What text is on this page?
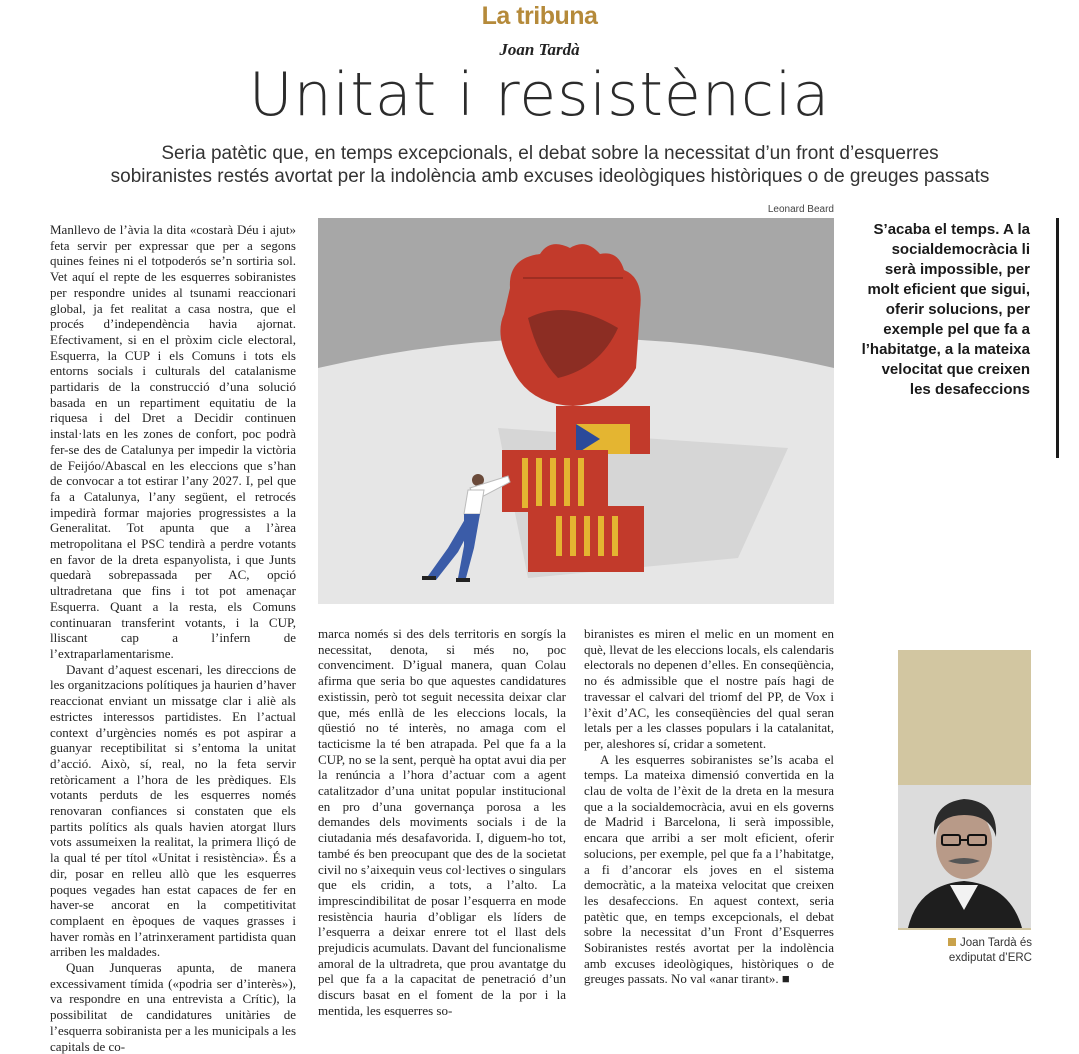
La tribuna
Joan Tardà
Unitat i resistència
Seria patètic que, en temps excepcionals, el debat sobre la necessitat d’un front d’esquerres sobiranistes restés avortat per la indolència amb excuses ideològiques històriques o de greuges passats
Leonard Beard
S’acaba el temps. A la socialdemocràcia li serà impossible, per molt eficient que sigui, oferir solucions, per exemple pel que fa a l’habitatge, a la mateixa velocitat que creixen les desafeccions

Manllevo de l’àvia la dita «costarà Déu i ajut» feta servir per expressar que per a segons quines feines ni el totpoderós se’n sortiria sol. Vet aquí el repte de les esquerres sobiranistes per respondre unides al tsunami reaccionari global, ja fet realitat a casa nostra, que el procés d’independència havia ajornat. Efectivament, si en el pròxim cicle electoral, Esquerra, la CUP i els Comuns i tots els entorns socials i culturals del catalanisme partidaris de la construcció d’una solució basada en un repartiment equitatiu de la riquesa i del Dret a Decidir continuen instal·lats en les zones de confort, poc podrà fer-se des de Catalunya per impedir la victòria de Feijóo/Abascal en les eleccions que s’han de convocar a tot estirar l’any 2027. I, pel que fa a Catalunya, l’any següent, el retrocés impedirà formar majories progressistes a la Generalitat. Tot apunta que a l’àrea metropolitana el PSC tendirà a perdre votants en favor de la dreta espanyolista, i que Junts quedarà sobrepassada per AC, opció ultradretana que fins i tot pot amenaçar Esquerra. Quant a la resta, els Comuns continuaran transferint votants, i la CUP, lliscant cap a l’infern de l’extraparlamentarisme.

Davant d’aquest escenari, les direccions de les organitzacions polítiques ja haurien d’haver reaccionat enviant un missatge clar i aliè als estrictes interessos partidistes. En l’actual context d’urgències només es pot aspirar a guanyar receptibilitat si s’entoma la unitat d’acció. Això, sí, real, no la feta servir retòricament a l’hora de les prèdiques. Els votants perduts de les esquerres només renovaran confiances si constaten que els partits polítics als quals havien atorgat llurs vots assumeixen la realitat, la primera lliçó de la qual té per títol «Unitat i resistència». És a dir, posar en relleu allò que les esquerres poques vegades han estat capaces de fer en haver-se ancorat en la competitivitat complaent en èpoques de vaques grasses i haver romàs en l’atrinxerament partidista quan arriben les maldades.

Quan Junqueras apunta, de manera excessivament tímida («podria ser d’interès»), va respondre en una entrevista a Crític), la possibilitat de candidatures unitàries de l’esquerra sobiranista per a les municipals a les capitals de co-

marca només si des dels territoris en sorgís la necessitat, denota, si més no, poc convenciment. D’igual manera, quan Colau afirma que seria bo que aquestes candidatures existissin, però tot seguit necessita deixar clar que, més enllà de les eleccions locals, la qüestió no té interès, no amaga com el tacticisme la té ben atrapada. Pel que fa a la CUP, no se la sent, perquè ha optat avui dia per la renúncia a l’hora d’actuar com a agent catalitzador d’una unitat popular institucional en pro d’una governança porosa a les demandes dels moviments socials i de la ciutadania més desafavorida. I, diguem-ho tot, també és ben preocupant que des de la societat civil no s’aixequin veus col·lectives o singulars que els cridin, a tots, a l’alto. La imprescindibilitat de posar l’esquerra en mode resistència hauria d’obligar els líders de l’esquerra a deixar enrere tot el llast dels prejudicis acumulats. Davant del funcionalisme amoral de la ultradreta, que prou avantatge du pel que fa a la capacitat de penetració d’un discurs basat en el foment de la por i la mentida, les esquerres so-

biranistes es miren el melic en un moment en què, llevat de les eleccions locals, els calendaris electorals no depenen d’elles. En conseqüència, no és admissible que el nostre país hagi de travessar el calvari del triomf del PP, de Vox i l’èxit d’AC, les conseqüències del qual seran letals per a les classes populars i la catalanitat, per, aleshores sí, cridar a sometent.

A les esquerres sobiranistes se’ls acaba el temps. La mateixa dimensió convertida en la clau de volta de l’èxit de la dreta en la mesura que a la socialdemocràcia, avui en els governs de Madrid i Barcelona, li serà impossible, encara que arribi a ser molt eficient, oferir solucions, per exemple, pel que fa a l’habitatge, a fi d’ancorar els joves en el sistema democràtic, a la mateixa velocitat que creixen les desafeccions. En aquest context, seria patètic que, en temps excepcionals, el debat sobre la necessitat d’un Front d’Esquerres Sobiranistes restés avortat per la indolència amb excuses ideològiques, històriques o de greuges passats. No val «anar tirant». ■

Joan Tardà és exdiputat d’ERC
